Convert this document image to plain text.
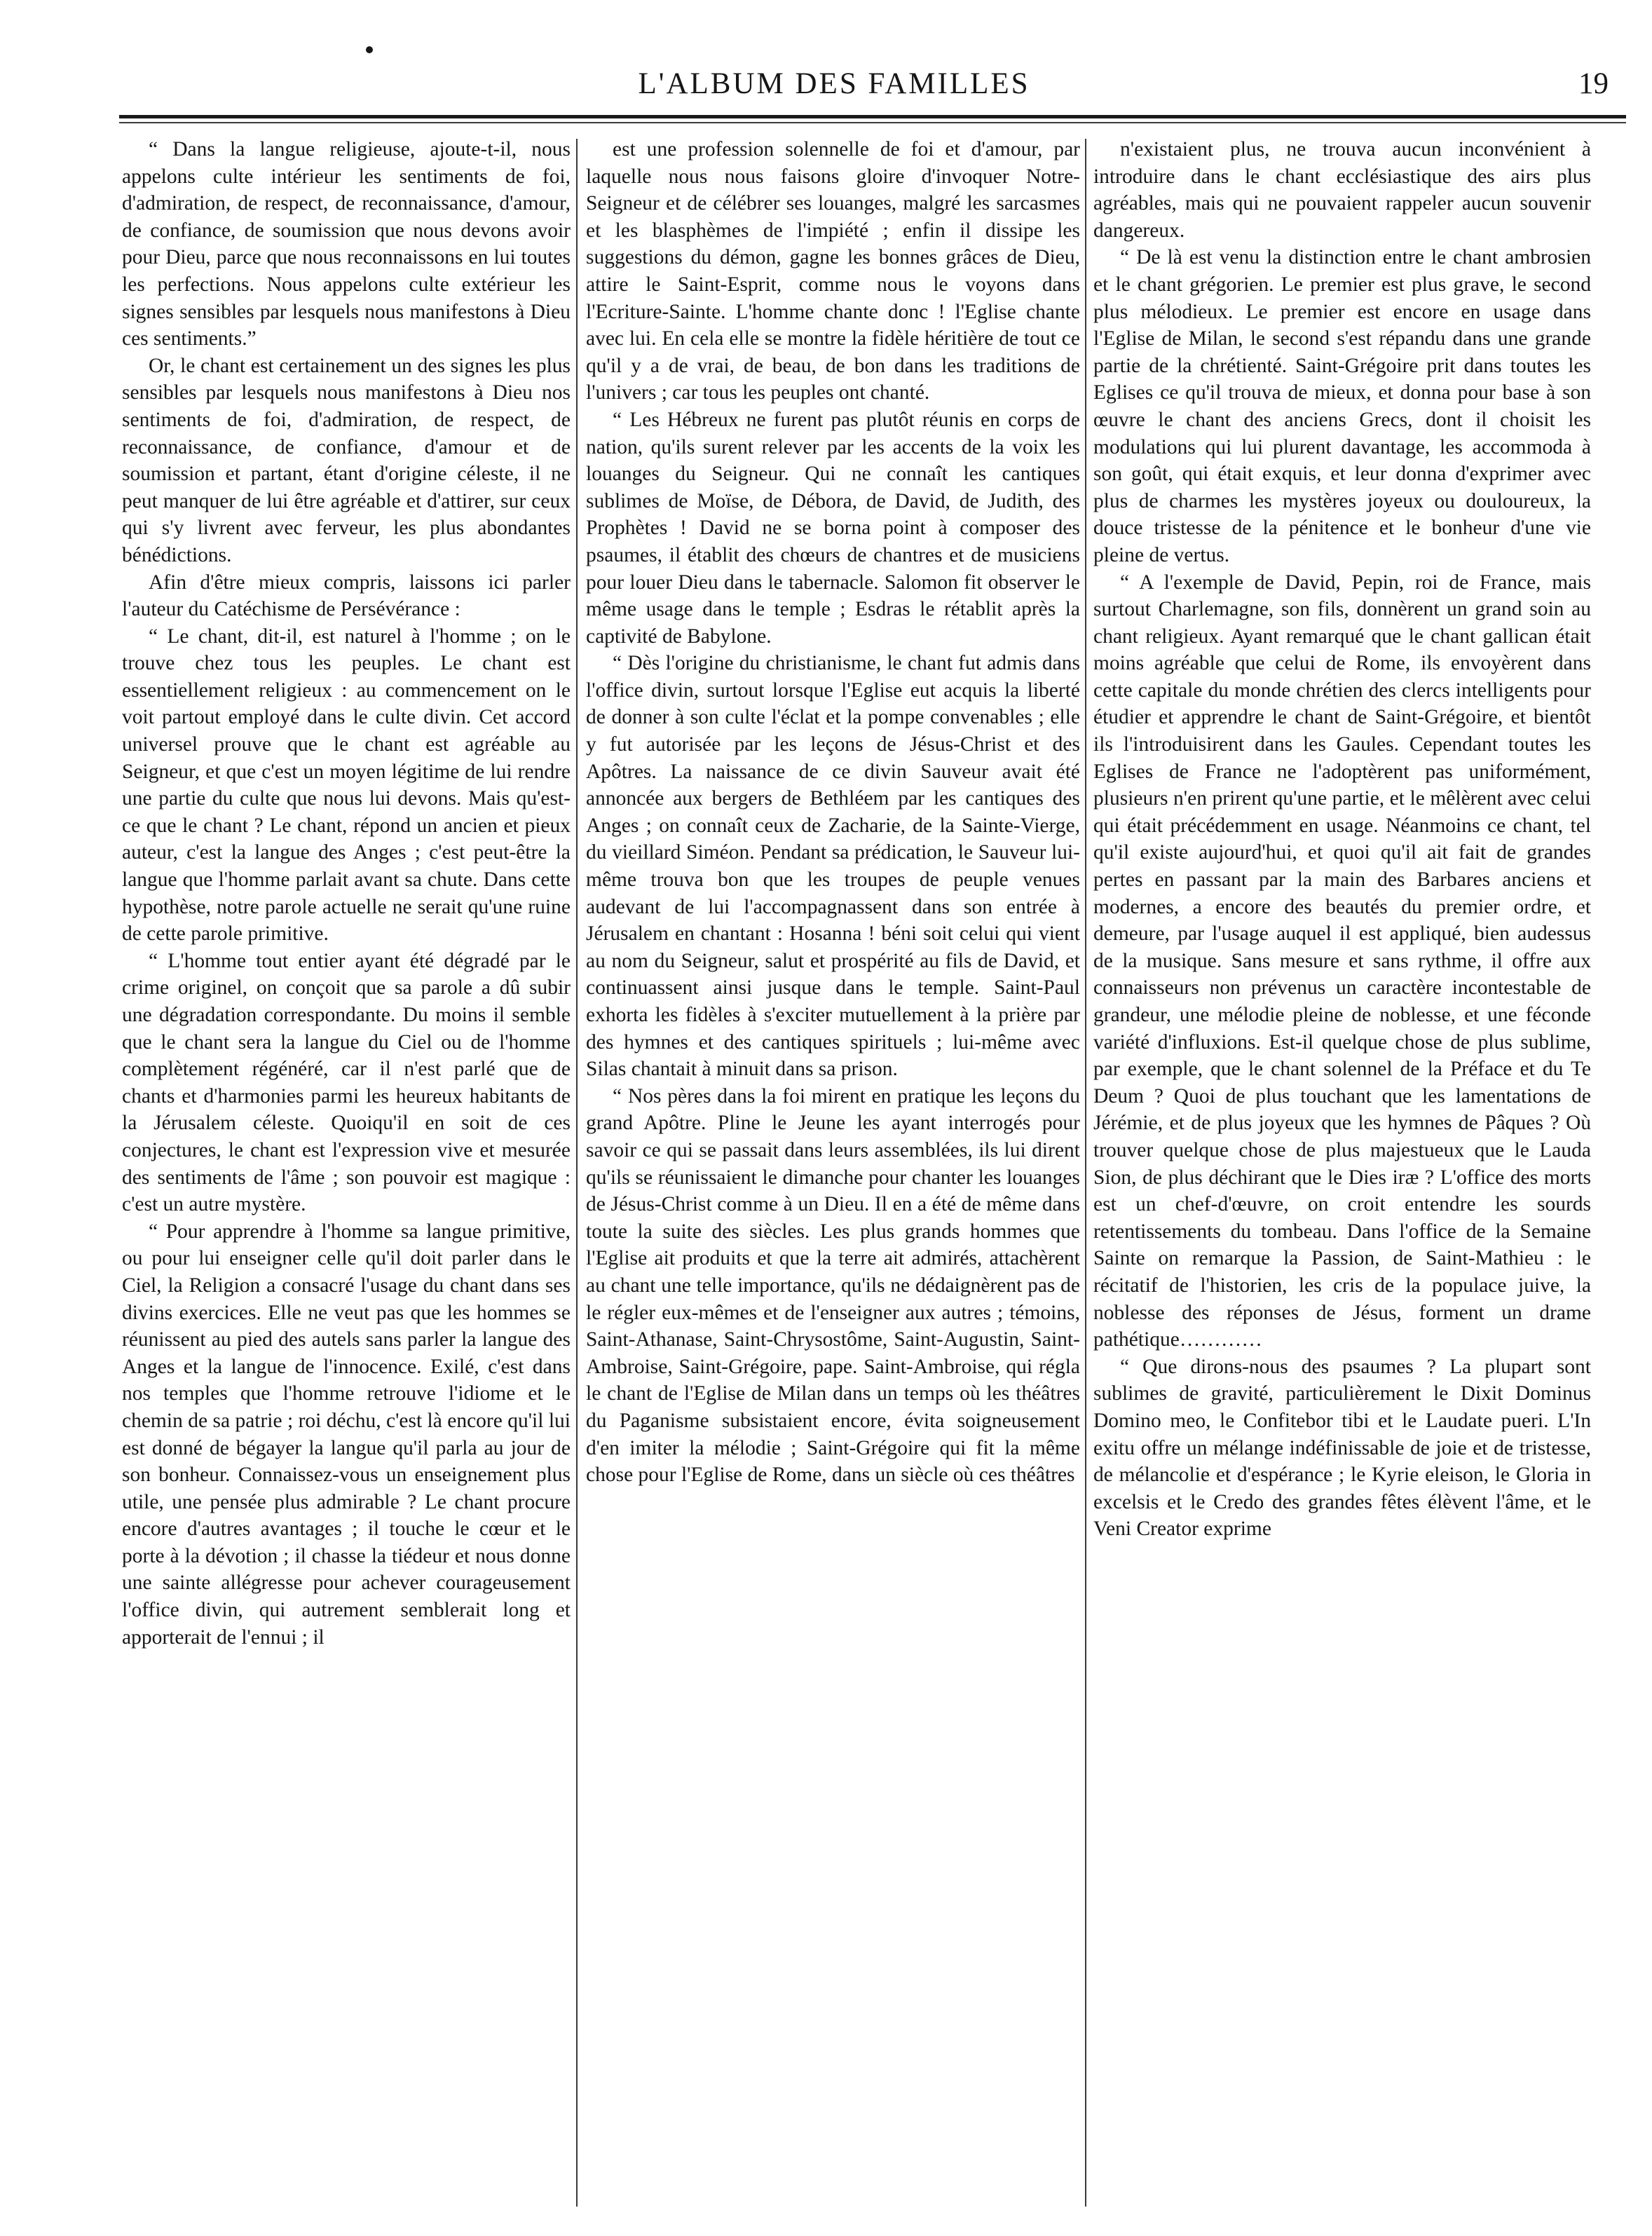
L'ALBUM DES FAMILLES	19

“ Dans la langue religieuse, ajoute-t-il, nous appelons culte intérieur les sentiments de foi, d'admiration, de respect, de reconnaissance, d'amour, de confiance, de soumission que nous devons avoir pour Dieu, parce que nous reconnaissons en lui toutes les perfections. Nous appelons culte extérieur les signes sensibles par lesquels nous manifestons à Dieu ces sentiments.”

Or, le chant est certainement un des signes les plus sensibles par lesquels nous manifestons à Dieu nos sentiments de foi, d'admiration, de respect, de reconnaissance, de confiance, d'amour et de soumission et partant, étant d'origine céleste, il ne peut manquer de lui être agréable et d'attirer, sur ceux qui s'y livrent avec ferveur, les plus abondantes bénédictions.

Afin d'être mieux compris, laissons ici parler l'auteur du Catéchisme de Persévérance :

“ Le chant, dit-il, est naturel à l'homme ; on le trouve chez tous les peuples. Le chant est essentiellement religieux : au commencement on le voit partout employé dans le culte divin. Cet accord universel prouve que le chant est agréable au Seigneur, et que c'est un moyen légitime de lui rendre une partie du culte que nous lui devons. Mais qu'est-ce que le chant ? Le chant, répond un ancien et pieux auteur, c'est la langue des Anges ; c'est peut-être la langue que l'homme parlait avant sa chute. Dans cette hypothèse, notre parole actuelle ne serait qu'une ruine de cette parole primitive.

“ L'homme tout entier ayant été dégradé par le crime originel, on conçoit que sa parole a dû subir une dégradation correspondante. Du moins il semble que le chant sera la langue du Ciel ou de l'homme complètement régénéré, car il n'est parlé que de chants et d'harmonies parmi les heureux habitants de la Jérusalem céleste. Quoiqu'il en soit de ces conjectures, le chant est l'expression vive et mesurée des sentiments de l'âme ; son pouvoir est magique : c'est un autre mystère.

“ Pour apprendre à l'homme sa langue primitive, ou pour lui enseigner celle qu'il doit parler dans le Ciel, la Religion a consacré l'usage du chant dans ses divins exercices. Elle ne veut pas que les hommes se réunissent au pied des autels sans parler la langue des Anges et la langue de l'innocence. Exilé, c'est dans nos temples que l'homme retrouve l'idiome et le chemin de sa patrie ; roi déchu, c'est là encore qu'il lui est donné de bégayer la langue qu'il parla au jour de son bonheur. Connaissez-vous un enseignement plus utile, une pensée plus admirable ? Le chant procure encore d'autres avantages ; il touche le cœur et le porte à la dévotion ; il chasse la tiédeur et nous donne une sainte allégresse pour achever courageusement l'office divin, qui autrement semblerait long et apporterait de l'ennui ; il

est une profession solennelle de foi et d'amour, par laquelle nous nous faisons gloire d'invoquer Notre-Seigneur et de célébrer ses louanges, malgré les sarcasmes et les blasphèmes de l'impiété ; enfin il dissipe les suggestions du démon, gagne les bonnes grâces de Dieu, attire le Saint-Esprit, comme nous le voyons dans l'Ecriture-Sainte. L'homme chante donc ! l'Eglise chante avec lui. En cela elle se montre la fidèle héritière de tout ce qu'il y a de vrai, de beau, de bon dans les traditions de l'univers ; car tous les peuples ont chanté.

“ Les Hébreux ne furent pas plutôt réunis en corps de nation, qu'ils surent relever par les accents de la voix les louanges du Seigneur. Qui ne connaît les cantiques sublimes de Moïse, de Débora, de David, de Judith, des Prophètes ! David ne se borna point à composer des psaumes, il établit des chœurs de chantres et de musiciens pour louer Dieu dans le tabernacle. Salomon fit observer le même usage dans le temple ; Esdras le rétablit après la captivité de Babylone.

“ Dès l'origine du christianisme, le chant fut admis dans l'office divin, surtout lorsque l'Eglise eut acquis la liberté de donner à son culte l'éclat et la pompe convenables ; elle y fut autorisée par les leçons de Jésus-Christ et des Apôtres. La naissance de ce divin Sauveur avait été annoncée aux bergers de Bethléem par les cantiques des Anges ; on connaît ceux de Zacharie, de la Sainte-Vierge, du vieillard Siméon. Pendant sa prédication, le Sauveur lui-même trouva bon que les troupes de peuple venues audevant de lui l'accompagnassent dans son entrée à Jérusalem en chantant : Hosanna ! béni soit celui qui vient au nom du Seigneur, salut et prospérité au fils de David, et continuassent ainsi jusque dans le temple. Saint-Paul exhorta les fidèles à s'exciter mutuellement à la prière par des hymnes et des cantiques spirituels ; lui-même avec Silas chantait à minuit dans sa prison.

“ Nos pères dans la foi mirent en pratique les leçons du grand Apôtre. Pline le Jeune les ayant interrogés pour savoir ce qui se passait dans leurs assemblées, ils lui dirent qu'ils se réunissaient le dimanche pour chanter les louanges de Jésus-Christ comme à un Dieu. Il en a été de même dans toute la suite des siècles. Les plus grands hommes que l'Eglise ait produits et que la terre ait admirés, attachèrent au chant une telle importance, qu'ils ne dédaignèrent pas de le régler eux-mêmes et de l'enseigner aux autres ; témoins, Saint-Athanase, Saint-Chrysostôme, Saint-Augustin, Saint-Ambroise, Saint-Grégoire, pape. Saint-Ambroise, qui régla le chant de l'Eglise de Milan dans un temps où les théâtres du Paganisme subsistaient encore, évita soigneusement d'en imiter la mélodie ; Saint-Grégoire qui fit la même chose pour l'Eglise de Rome, dans un siècle où ces théâtres

n'existaient plus, ne trouva aucun inconvénient à introduire dans le chant ecclésiastique des airs plus agréables, mais qui ne pouvaient rappeler aucun souvenir dangereux.

“ De là est venu la distinction entre le chant ambrosien et le chant grégorien. Le premier est plus grave, le second plus mélodieux. Le premier est encore en usage dans l'Eglise de Milan, le second s'est répandu dans une grande partie de la chrétienté. Saint-Grégoire prit dans toutes les Eglises ce qu'il trouva de mieux, et donna pour base à son œuvre le chant des anciens Grecs, dont il choisit les modulations qui lui plurent davantage, les accommoda à son goût, qui était exquis, et leur donna d'exprimer avec plus de charmes les mystères joyeux ou douloureux, la douce tristesse de la pénitence et le bonheur d'une vie pleine de vertus.

“ A l'exemple de David, Pepin, roi de France, mais surtout Charlemagne, son fils, donnèrent un grand soin au chant religieux. Ayant remarqué que le chant gallican était moins agréable que celui de Rome, ils envoyèrent dans cette capitale du monde chrétien des clercs intelligents pour étudier et apprendre le chant de Saint-Grégoire, et bientôt ils l'introduisirent dans les Gaules. Cependant toutes les Eglises de France ne l'adoptèrent pas uniformément, plusieurs n'en prirent qu'une partie, et le mêlèrent avec celui qui était précédemment en usage. Néanmoins ce chant, tel qu'il existe aujourd'hui, et quoi qu'il ait fait de grandes pertes en passant par la main des Barbares anciens et modernes, a encore des beautés du premier ordre, et demeure, par l'usage auquel il est appliqué, bien audessus de la musique. Sans mesure et sans rythme, il offre aux connaisseurs non prévenus un caractère incontestable de grandeur, une mélodie pleine de noblesse, et une féconde variété d'influxions. Est-il quelque chose de plus sublime, par exemple, que le chant solennel de la Préface et du Te Deum ? Quoi de plus touchant que les lamentations de Jérémie, et de plus joyeux que les hymnes de Pâques ? Où trouver quelque chose de plus majestueux que le Lauda Sion, de plus déchirant que le Dies iræ ? L'office des morts est un chef-d'œuvre, on croit entendre les sourds retentissements du tombeau. Dans l'office de la Semaine Sainte on remarque la Passion, de Saint-Mathieu : le récitatif de l'historien, les cris de la populace juive, la noblesse des réponses de Jésus, forment un drame pathétique…………

“ Que dirons-nous des psaumes ? La plupart sont sublimes de gravité, particulièrement le Dixit Dominus Domino meo, le Confitebor tibi et le Laudate pueri. L'In exitu offre un mélange indéfinissable de joie et de tristesse, de mélancolie et d'espérance ; le Kyrie eleison, le Gloria in excelsis et le Credo des grandes fêtes élèvent l'âme, et le Veni Creator exprime
